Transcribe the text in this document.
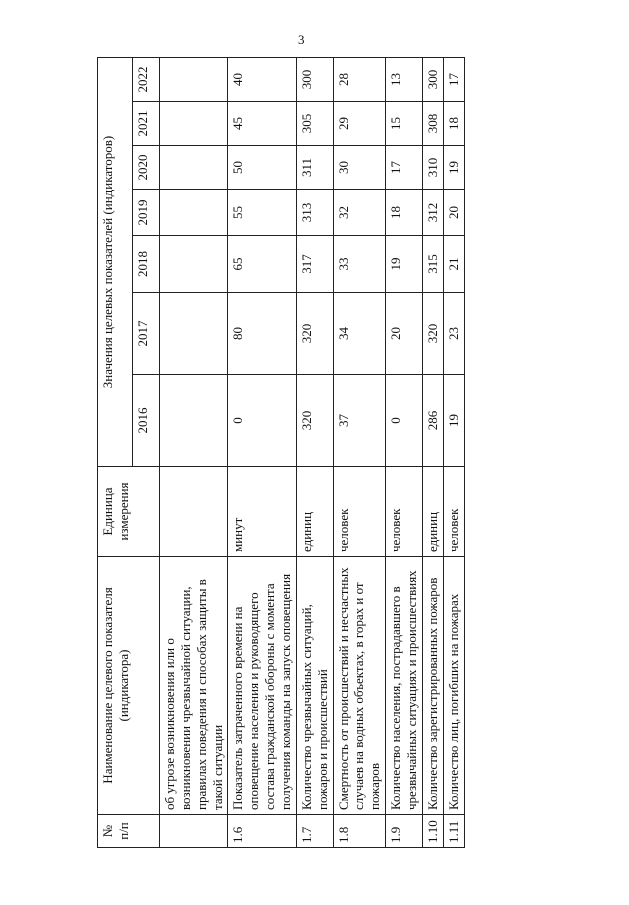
3
№ п/п	Наименование целевого показателя (индикатора)	Единица измерения	Значения целевых показателей (индикаторов)						
			2016	2017	2018	2019	2020	2021	2022
	об угрозе возникновения или о возникновении чрезвычайной ситуации, правилах поведения и способах защиты в такой ситуации								
1.6	Показатель затраченного времени на оповещение населения и руководящего состава гражданской обороны с момента получения команды на запуск оповещения	минут	0	80	65	55	50	45	40
1.7	Количество чрезвычайных ситуаций, пожаров и происшествий	единиц	320	320	317	313	311	305	300
1.8	Смертность от происшествий и несчастных случаев на водных объектах, в горах и от пожаров	человек	37	34	33	32	30	29	28
1.9	Количество населения, пострадавшего в чрезвычайных ситуациях и происшествиях	человек	0	20	19	18	17	15	13
1.10	Количество зарегистрированных пожаров	единиц	286	320	315	312	310	308	300
1.11	Количество лиц, погибших на пожарах	человек	19	23	21	20	19	18	17
